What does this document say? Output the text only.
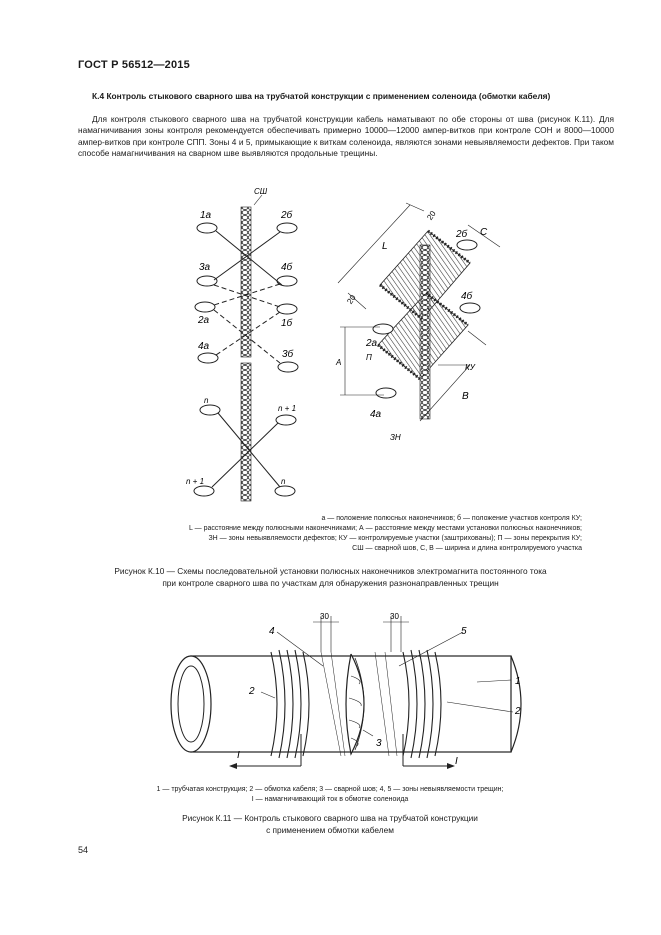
ГОСТ Р 56512—2015
К.4 Контроль стыкового сварного шва на трубчатой конструкции с применением соленоида (обмотки кабеля)
Для контроля стыкового сварного шва на трубчатой конструкции кабель наматывают по обе стороны от шва (рисунок К.11). Для намагничивания зоны контроля рекомендуется обеспечивать примерно 10000—12000 ампер-витков при контроле СОН и 8000—10000 ампер-витков при контроле СПП. Зоны 4 и 5, примыкающие к виткам соленоида, являются зонами невыявляемости дефектов. При таком способе намагничивания на сварном шве выявляются продольные трещины.
СШ
1а	2б
3а	4б
2а	1б
4а
3б
n
n + 1
n + 1	n
20
L
2б C
20	4б
2а
П
A
КУ
B
4а
ЗН
а — положение полюсных наконечников; б — положение участков контроля КУ;
L — расстояние между полюсными наконечниками; А — расстояние между местами установки полюсных наконечников;
ЗН — зоны невыявляемости дефектов; КУ — контролируемые участки (заштрихованы); П — зоны перекрытия КУ;
СШ — сварной шов, С, В — ширина и длина контролируемого участка
Рисунок К.10 — Схемы последовательной установки полюсных наконечников электромагнита постоянного тока
при контроле сварного шва по участкам для обнаружения разнонаправленных трещин
30	30
4	5
1
2
2
3
I
I
1 — трубчатая конструкция; 2 — обмотка кабеля; 3 — сварной шов; 4, 5 — зоны невыявляемости трещин;
I — намагничивающий ток в обмотке соленоида
Рисунок К.11 — Контроль стыкового сварного шва на трубчатой конструкции
с применением обмотки кабелем
54
